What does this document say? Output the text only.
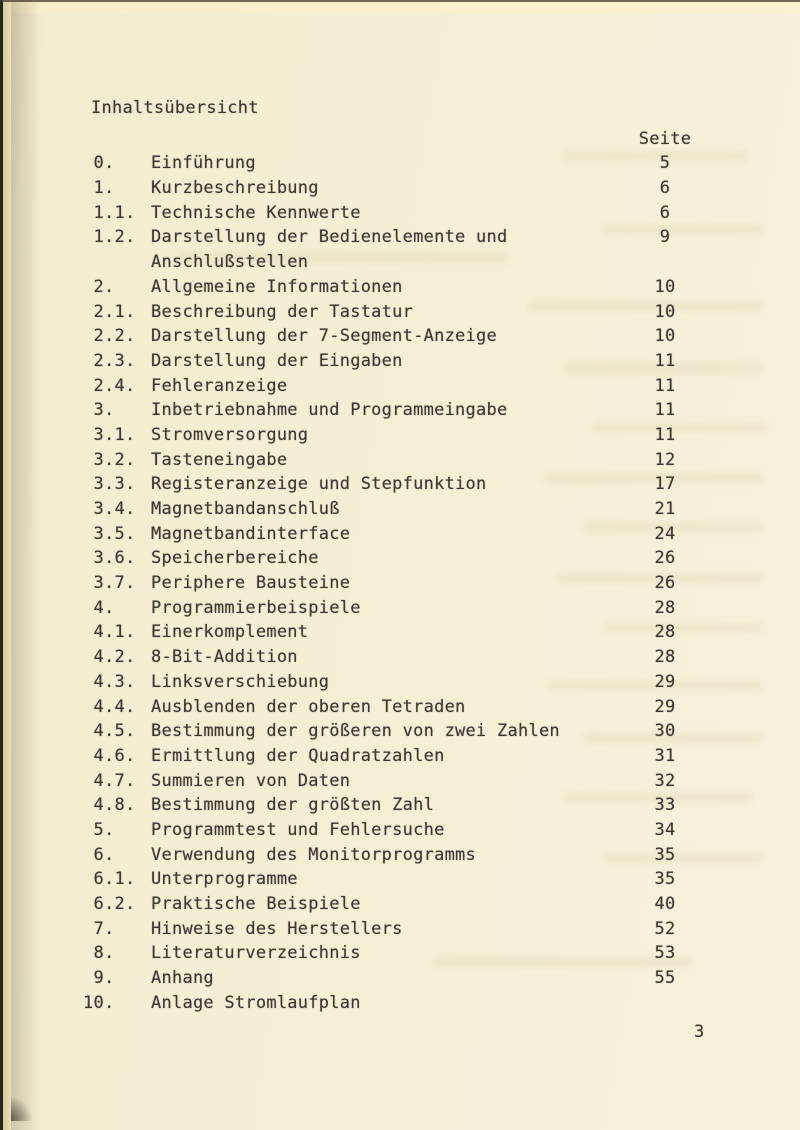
Inhaltsübersicht
Seite
0.	Einführung	5
1.	Kurzbeschreibung	6
1.1. Technische Kennwerte	6
1.2. Darstellung der Bedienelemente und	9
Anschlußstellen
2.	Allgemeine Informationen	10
2.1. Beschreibung der Tastatur	10
2.2. Darstellung der 7-Segment-Anzeige	10
2.3. Darstellung der Eingaben	11
2.4. Fehleranzeige	11
3.	Inbetriebnahme und Programmeingabe	11
3.1. Stromversorgung	11
3.2. Tasteneingabe	12
3.3. Registeranzeige und Stepfunktion	17
3.4. Magnetbandanschluß	21
3.5. Magnetbandinterface	24
3.6. Speicherbereiche	26
3.7. Periphere Bausteine	26
4.	Programmierbeispiele	28
4.1. Einerkomplement	28
4.2. 8-Bit-Addition	28
4.3. Linksverschiebung	29
4.4. Ausblenden der oberen Tetraden	29
4.5. Bestimmung der größeren von zwei Zahlen	30
4.6. Ermittlung der Quadratzahlen	31
4.7. Summieren von Daten	32
4.8. Bestimmung der größten Zahl	33
5.	Programmtest und Fehlersuche	34
6.	Verwendung des Monitorprogramms	35
6.1. Unterprogramme	35
6.2. Praktische Beispiele	40
7.	Hinweise des Herstellers	52
8.	Literaturverzeichnis	53
9.	Anhang	55
10.	Anlage Stromlaufplan
3
